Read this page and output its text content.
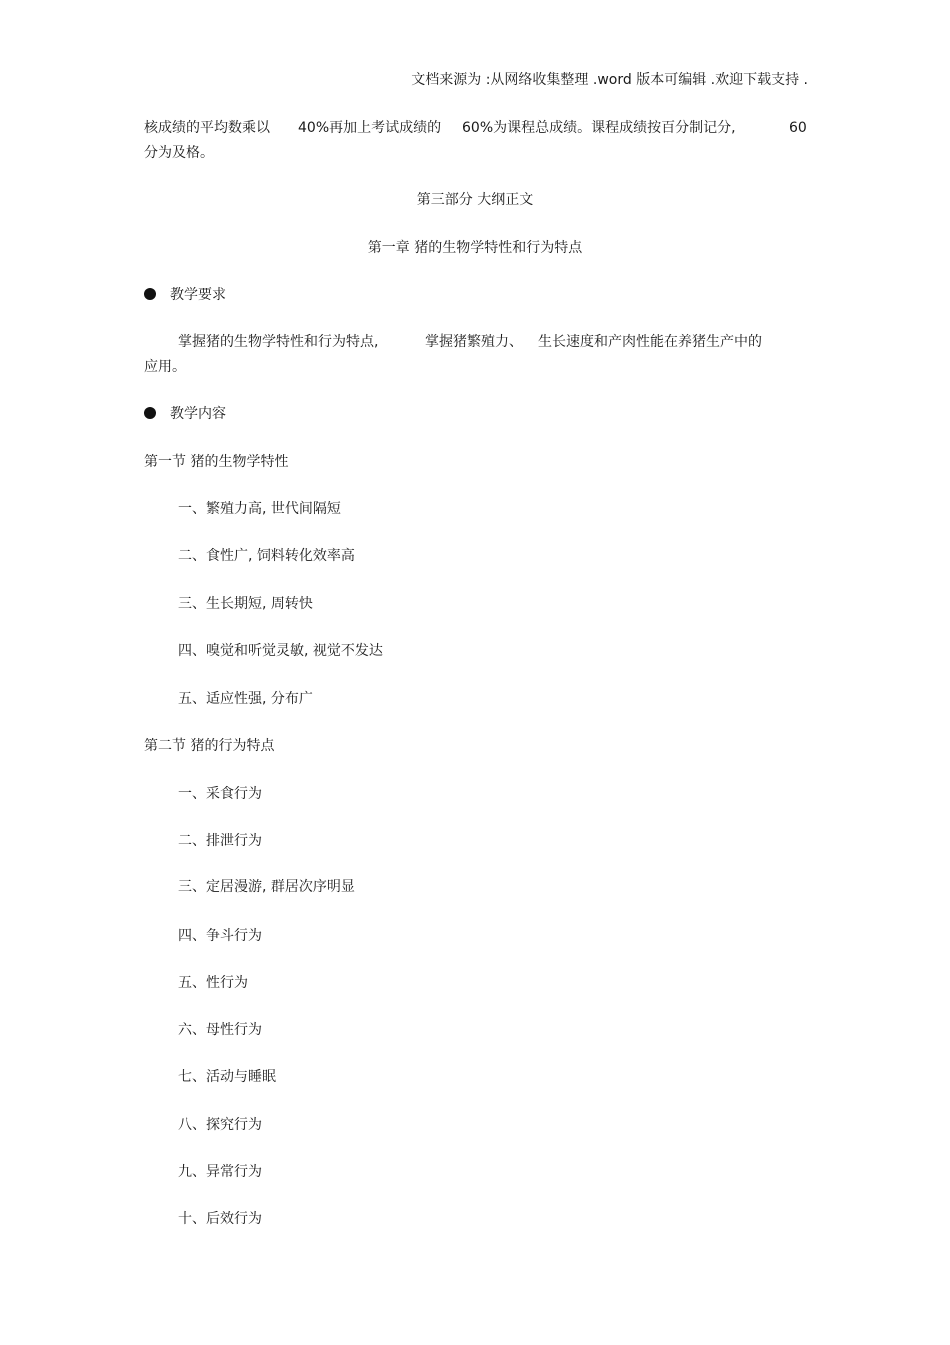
文档来源为 :从网络收集整理 .word 版本可编辑 .欢迎下载支持 .
核成绩的平均数乘以 40%再加上考试成绩的 60%为课程总成绩。课程成绩按百分制记分,	60
分为及格。
第三部分 大纲正文
第一章 猪的生物学特性和行为特点
教学要求
掌握猪的生物学特性和行为特点,	掌握猪繁殖力、 生长速度和产肉性能在养猪生产中的
应用。
教学内容
第一节 猪的生物学特性
一、繁殖力高, 世代间隔短
二、食性广, 饲料转化效率高
三、生长期短, 周转快
四、嗅觉和听觉灵敏, 视觉不发达
五、适应性强, 分布广
第二节 猪的行为特点
一、采食行为
二、排泄行为
三、定居漫游, 群居次序明显
四、争斗行为
五、性行为
六、母性行为
七、活动与睡眠
八、探究行为
九、异常行为
十、后效行为
